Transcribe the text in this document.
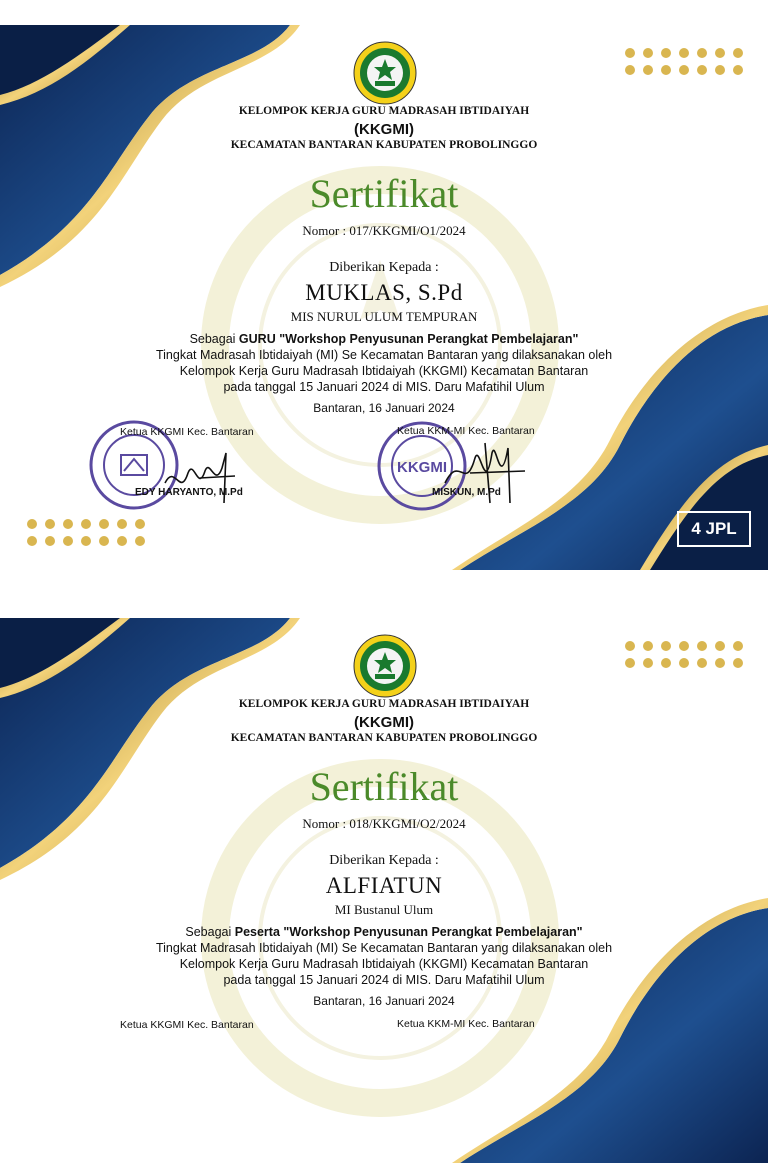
KELOMPOK KERJA GURU MADRASAH IBTIDAIYAH
(KKGMI)
KECAMATAN BANTARAN KABUPATEN PROBOLINGGO
Sertifikat
Nomor : 017/KKGMI/O1/2024
Diberikan Kepada :
MUKLAS, S.Pd
MIS NURUL ULUM TEMPURAN
Sebagai GURU "Workshop Penyusunan Perangkat Pembelajaran"
Tingkat Madrasah Ibtidaiyah (MI) Se Kecamatan Bantaran yang dilaksanakan oleh
Kelompok Kerja Guru Madrasah Ibtidaiyah (KKGMI) Kecamatan Bantaran
pada tanggal 15 Januari 2024 di MIS. Daru Mafatihil Ulum
Bantaran, 16 Januari 2024
KKGMI
Ketua KKGMI Kec. Bantaran	Ketua KKM-MI Kec. Bantaran
EDY HARYANTO, M.Pd	MISKUN, M.Pd
4 JPL
KELOMPOK KERJA GURU MADRASAH IBTIDAIYAH
(KKGMI)
KECAMATAN BANTARAN KABUPATEN PROBOLINGGO
Sertifikat
Nomor : 018/KKGMI/O2/2024
Diberikan Kepada :
ALFIATUN
MI Bustanul Ulum
Sebagai Peserta "Workshop Penyusunan Perangkat Pembelajaran"
Tingkat Madrasah Ibtidaiyah (MI) Se Kecamatan Bantaran yang dilaksanakan oleh
Kelompok Kerja Guru Madrasah Ibtidaiyah (KKGMI) Kecamatan Bantaran
pada tanggal 15 Januari 2024 di MIS. Daru Mafatihil Ulum
Bantaran, 16 Januari 2024
Ketua KKGMI Kec. Bantaran	Ketua KKM-MI Kec. Bantaran
